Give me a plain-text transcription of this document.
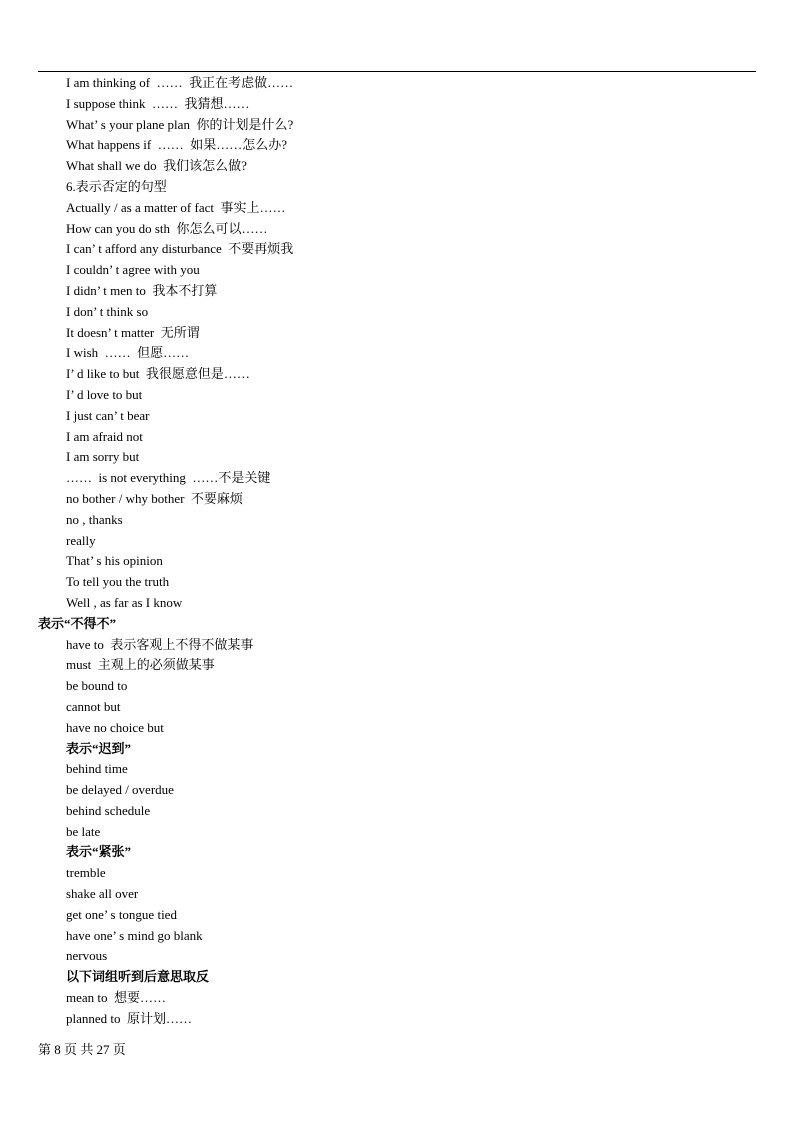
I am thinking of  ……  我正在考虑做……
I suppose think  ……  我猜想……
What’ s your plane plan  你的计划是什么?
What happens if  ……  如果……怎么办?
What shall we do  我们该怎么做?
6.表示否定的句型
Actually / as a matter of fact  事实上……
How can you do sth  你怎么可以……
I can’ t afford any disturbance  不要再烦我
I couldn’ t agree with you
I didn’ t men to  我本不打算
I don’ t think so
It doesn’ t matter  无所谓
I wish  ……  但愿……
I’ d like to but  我很愿意但是……
I’ d love to but
I just can’ t bear
I am afraid not
I am sorry but
……  is not everything  ……不是关键
no bother / why bother  不要麻烦
no , thanks
really
That’ s his opinion
To tell you the truth
Well , as far as I know
表示“不得不”
have to  表示客观上不得不做某事
must  主观上的必须做某事
be bound to
cannot but
have no choice but
表示“迟到”
behind time
be delayed / overdue
behind schedule
be late
表示“紧张”
tremble
shake all over
get one’ s tongue tied
have one’ s mind go blank
nervous
以下词组听到后意思取反
mean to  想要……
planned to  原计划……
第 8 页 共 27 页
